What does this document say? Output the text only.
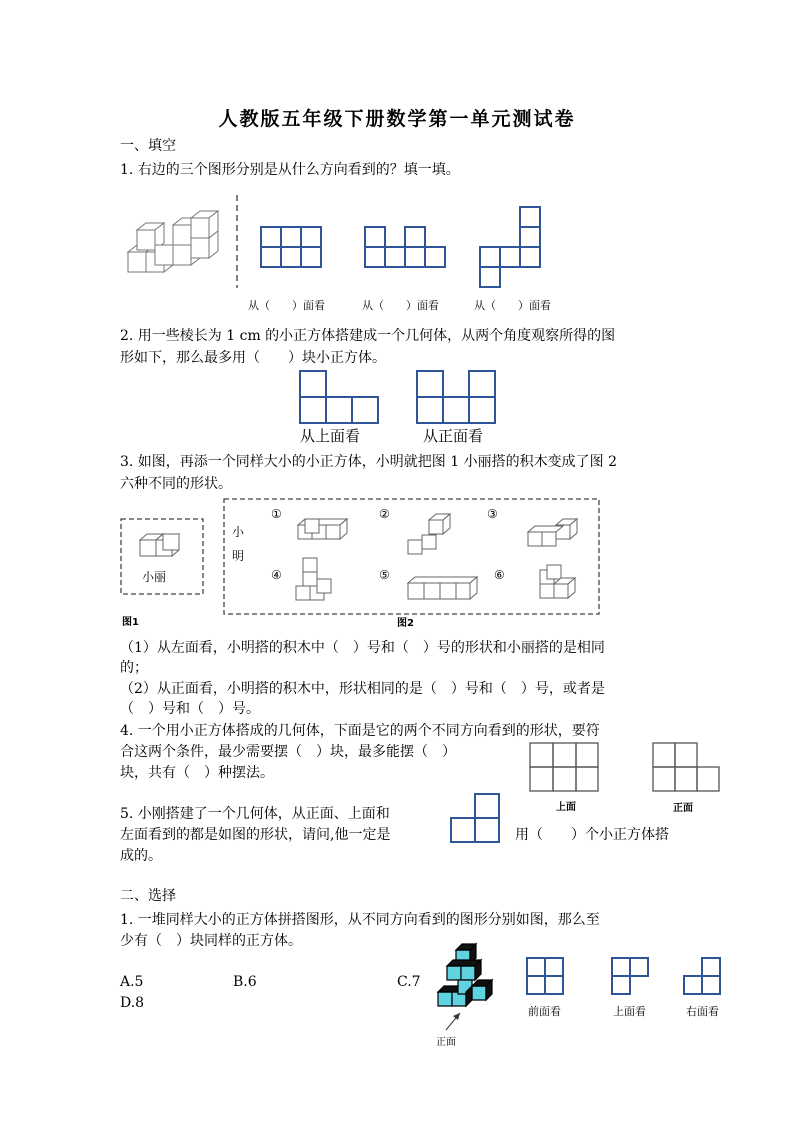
人教版五年级下册数学第一单元测试卷
一、填空
1. 右边的三个图形分别是从什么方向看到的？填一填。
从（　　）面看	从（　　）面看	从（　　）面看
2. 用一些棱长为 1 cm 的小正方体搭建成一个几何体，从两个角度观察所得的图
形如下，那么最多用（　　）块小正方体。
从上面看	从正面看
3. 如图，再添一个同样大小的小正方体，小明就把图 1 小丽搭的积木变成了图 2
六种不同的形状。
小丽
小
明
①	②	③
④	⑤	⑥
图1	图2
（1）从左面看，小明搭的积木中（　）号和（　）号的形状和小丽搭的是相同
的；
（2）从正面看，小明搭的积木中，形状相同的是（　）号和（　）号，或者是
（　）号和（　）号。
4. 一个用小正方体搭成的几何体，下面是它的两个不同方向看到的形状，要符
合这两个条件，最少需要摆（　）块，最多能摆（　）
块，共有（　）种摆法。
上面	正面
5. 小刚搭建了一个几何体，从正面、上面和
左面看到的都是如图的形状，请问,他一定是	用（　　）个小正方体搭
成的。
二、选择
1. 一堆同样大小的正方体拼搭图形，从不同方向看到的图形分别如图，那么至
少有（　）块同样的正方体。
A.5	B.6	C.7
D.8
正面
前面看	上面看	右面看
